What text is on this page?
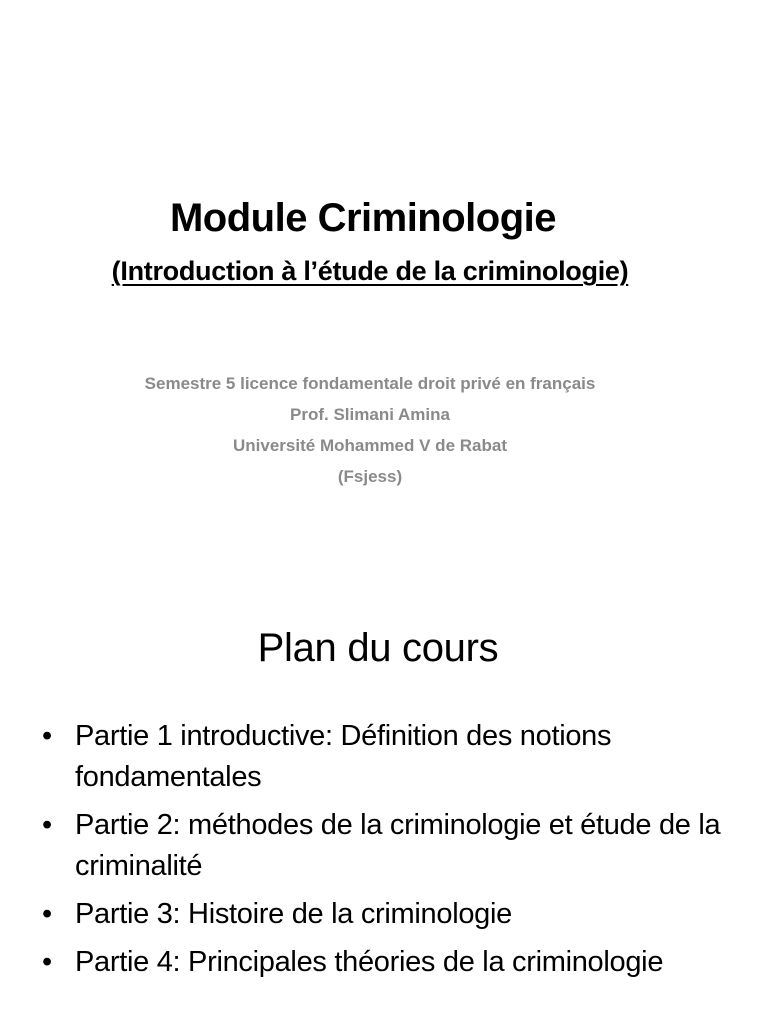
Module Criminologie
(Introduction à l’étude de la criminologie)
Semestre 5 licence fondamentale droit privé en français
Prof. Slimani Amina
Université Mohammed V de Rabat
(Fsjess)
Plan du cours
• Partie 1 introductive: Définition des notions fondamentales
• Partie 2: méthodes de la criminologie et étude de la criminalité
• Partie 3: Histoire de la criminologie
• Partie 4: Principales théories de la criminologie
